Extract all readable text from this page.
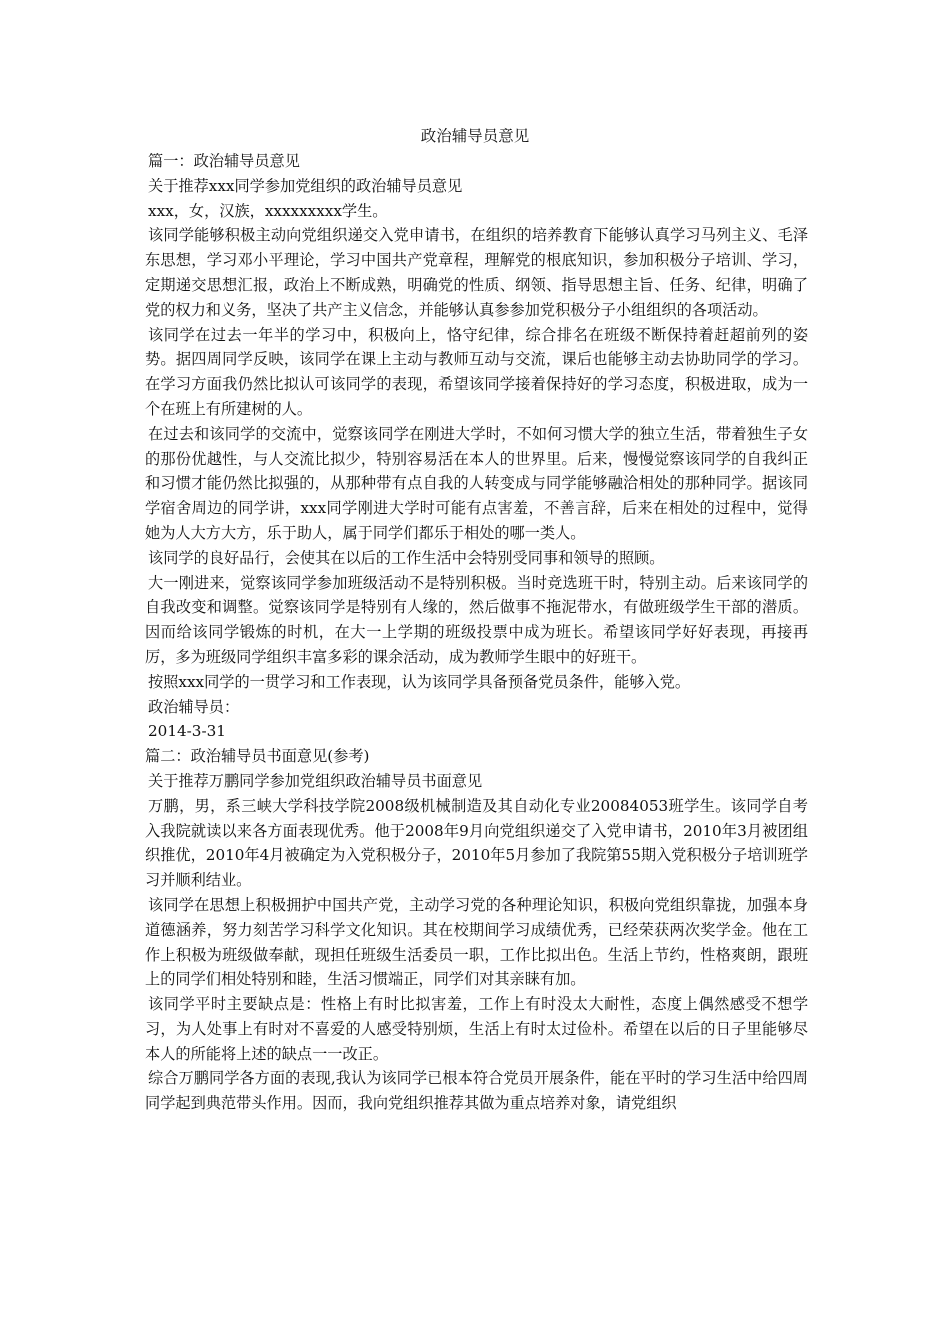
政治辅导员意见

篇一：政治辅导员意见

关于推荐xxx同学参加党组织的政治辅导员意见

xxx，女，汉族，xxxxxxxxx学生。

该同学能够积极主动向党组织递交入党申请书，在组织的培养教育下能够认真学习马列主义、毛泽东思想，学习邓小平理论，学习中国共产党章程，理解党的根底知识，参加积极分子培训、学习，定期递交思想汇报，政治上不断成熟，明确党的性质、纲领、指导思想主旨、任务、纪律，明确了党的权力和义务，坚决了共产主义信念，并能够认真参参加党积极分子小组组织的各项活动。

该同学在过去一年半的学习中，积极向上，恪守纪律，综合排名在班级不断保持着赶超前列的姿势。据四周同学反映，该同学在课上主动与教师互动与交流，课后也能够主动去协助同学的学习。在学习方面我仍然比拟认可该同学的表现，希望该同学接着保持好的学习态度，积极进取，成为一个在班上有所建树的人。

在过去和该同学的交流中，觉察该同学在刚进大学时，不如何习惯大学的独立生活，带着独生子女的那份优越性，与人交流比拟少，特别容易活在本人的世界里。后来，慢慢觉察该同学的自我纠正和习惯才能仍然比拟强的，从那种带有点自我的人转变成与同学能够融洽相处的那种同学。据该同学宿舍周边的同学讲，xxx同学刚进大学时可能有点害羞，不善言辞，后来在相处的过程中，觉得她为人大方大方，乐于助人，属于同学们都乐于相处的哪一类人。

该同学的良好品行，会使其在以后的工作生活中会特别受同事和领导的照顾。

大一刚进来，觉察该同学参加班级活动不是特别积极。当时竞选班干时，特别主动。后来该同学的自我改变和调整。觉察该同学是特别有人缘的，然后做事不拖泥带水，有做班级学生干部的潜质。因而给该同学锻炼的时机，在大一上学期的班级投票中成为班长。希望该同学好好表现，再接再厉，多为班级同学组织丰富多彩的课余活动，成为教师学生眼中的好班干。

按照xxx同学的一贯学习和工作表现，认为该同学具备预备党员条件，能够入党。

政治辅导员：

2014-3-31

篇二：政治辅导员书面意见(参考)

关于推荐万鹏同学参加党组织政治辅导员书面意见

万鹏，男，系三峡大学科技学院2008级机械制造及其自动化专业20084053班学生。该同学自考入我院就读以来各方面表现优秀。他于2008年9月向党组织递交了入党申请书，2010年3月被团组织推优，2010年4月被确定为入党积极分子，2010年5月参加了我院第55期入党积极分子培训班学习并顺利结业。

该同学在思想上积极拥护中国共产党，主动学习党的各种理论知识，积极向党组织靠拢，加强本身道德涵养，努力刻苦学习科学文化知识。其在校期间学习成绩优秀，已经荣获两次奖学金。他在工作上积极为班级做奉献，现担任班级生活委员一职，工作比拟出色。生活上节约，性格爽朗，跟班上的同学们相处特别和睦，生活习惯端正，同学们对其亲睐有加。

该同学平时主要缺点是：性格上有时比拟害羞，工作上有时没太大耐性，态度上偶然感受不想学习，为人处事上有时对不喜爱的人感受特别烦，生活上有时太过俭朴。希望在以后的日子里能够尽本人的所能将上述的缺点一一改正。

综合万鹏同学各方面的表现,我认为该同学已根本符合党员开展条件，能在平时的学习生活中给四周同学起到典范带头作用。因而，我向党组织推荐其做为重点培养对象，请党组织
